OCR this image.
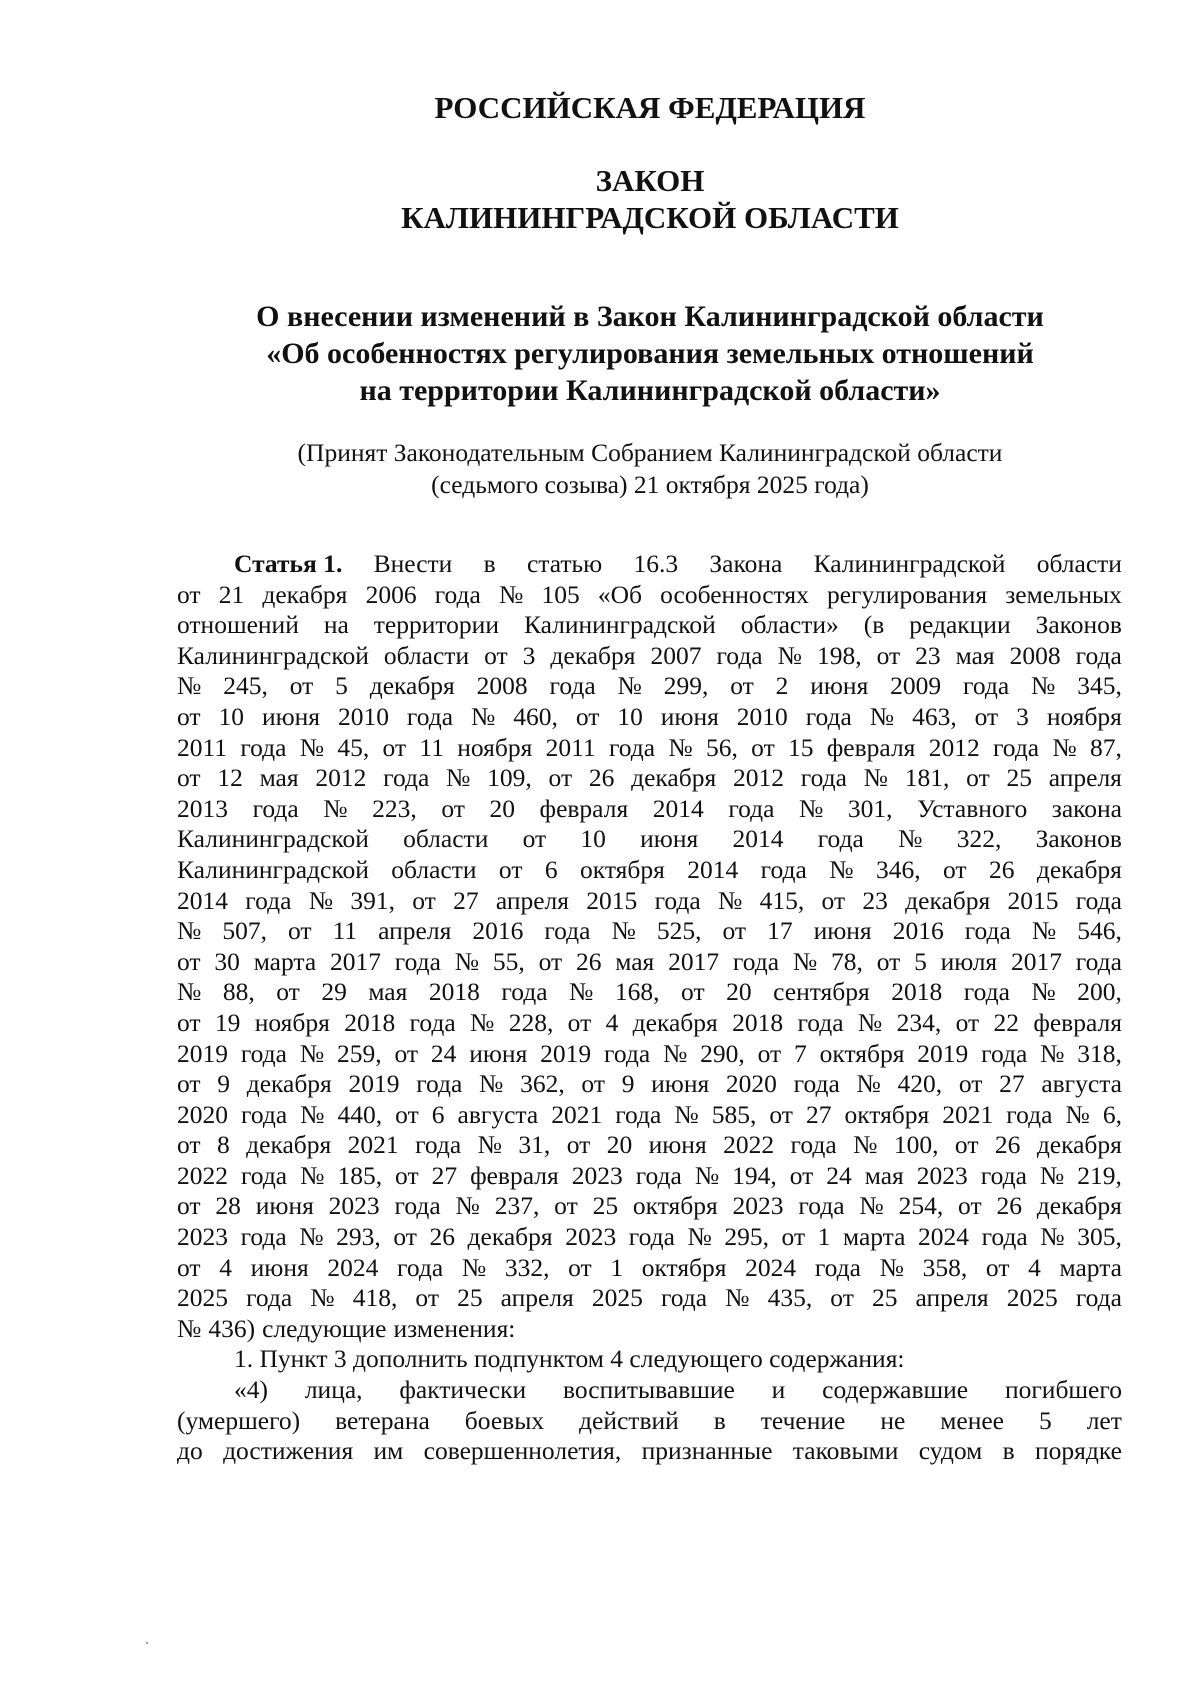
РОССИЙСКАЯ ФЕДЕРАЦИЯ
ЗАКОН
КАЛИНИНГРАДСКОЙ ОБЛАСТИ
О внесении изменений в Закон Калининградской области
«Об особенностях регулирования земельных отношений
на территории Калининградской области»
(Принят Законодательным Собранием Калининградской области
(седьмого созыва) 21 октября 2025 года)
Статья 1. Внести в статью 16.3 Закона Калининградской области
от 21 декабря 2006 года № 105 «Об особенностях регулирования земельных
отношений на территории Калининградской области» (в редакции Законов
Калининградской области от 3 декабря 2007 года № 198, от 23 мая 2008 года
№ 245, от 5 декабря 2008 года № 299, от 2 июня 2009 года № 345,
от 10 июня 2010 года № 460, от 10 июня 2010 года № 463, от 3 ноября
2011 года № 45, от 11 ноября 2011 года № 56, от 15 февраля 2012 года № 87,
от 12 мая 2012 года № 109, от 26 декабря 2012 года № 181, от 25 апреля
2013 года № 223, от 20 февраля 2014 года № 301, Уставного закона
Калининградской области от 10 июня 2014 года № 322, Законов
Калининградской области от 6 октября 2014 года № 346, от 26 декабря
2014 года № 391, от 27 апреля 2015 года № 415, от 23 декабря 2015 года
№ 507, от 11 апреля 2016 года № 525, от 17 июня 2016 года № 546,
от 30 марта 2017 года № 55, от 26 мая 2017 года № 78, от 5 июля 2017 года
№ 88, от 29 мая 2018 года № 168, от 20 сентября 2018 года № 200,
от 19 ноября 2018 года № 228, от 4 декабря 2018 года № 234, от 22 февраля
2019 года № 259, от 24 июня 2019 года № 290, от 7 октября 2019 года № 318,
от 9 декабря 2019 года № 362, от 9 июня 2020 года № 420, от 27 августа
2020 года № 440, от 6 августа 2021 года № 585, от 27 октября 2021 года № 6,
от 8 декабря 2021 года № 31, от 20 июня 2022 года № 100, от 26 декабря
2022 года № 185, от 27 февраля 2023 года № 194, от 24 мая 2023 года № 219,
от 28 июня 2023 года № 237, от 25 октября 2023 года № 254, от 26 декабря
2023 года № 293, от 26 декабря 2023 года № 295, от 1 марта 2024 года № 305,
от 4 июня 2024 года № 332, от 1 октября 2024 года № 358, от 4 марта
2025 года № 418, от 25 апреля 2025 года № 435, от 25 апреля 2025 года
№ 436) следующие изменения:
1. Пункт 3 дополнить подпунктом 4 следующего содержания:
«4) лица, фактически воспитывавшие и содержавшие погибшего
(умершего) ветерана боевых действий в течение не менее 5 лет
до достижения им совершеннолетия, признанные таковыми судом в порядке
